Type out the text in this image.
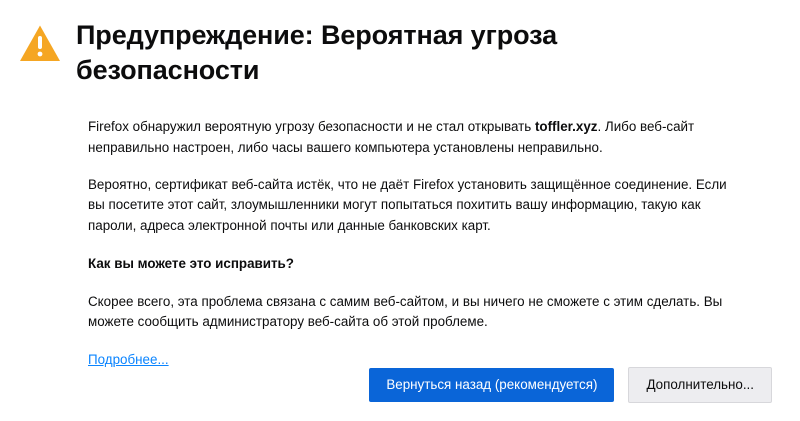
Предупреждение: Вероятная угроза безопасности

Firefox обнаружил вероятную угрозу безопасности и не стал открывать toffler.xyz. Либо веб-сайт неправильно настроен, либо часы вашего компьютера установлены неправильно.

Вероятно, сертификат веб-сайта истёк, что не даёт Firefox установить защищённое соединение. Если вы посетите этот сайт, злоумышленники могут попытаться похитить вашу информацию, такую как пароли, адреса электронной почты или данные банковских карт.

Как вы можете это исправить?

Скорее всего, эта проблема связана с самим веб-сайтом, и вы ничего не сможете с этим сделать. Вы можете сообщить администратору веб-сайта об этой проблеме.

Подробнее...
Вернуться назад (рекомендуется)	Дополнительно...
